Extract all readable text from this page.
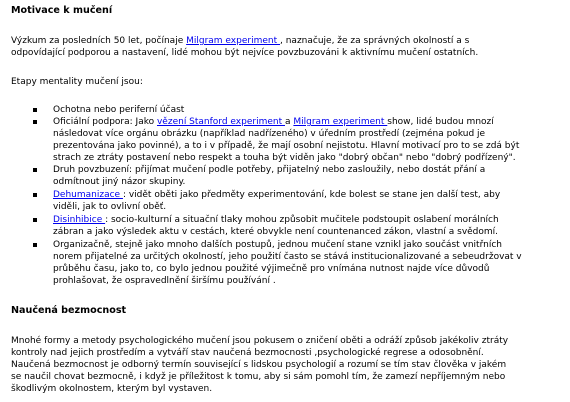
Motivace k mučení
Výzkum za posledních 50 let, počínaje Milgram experiment , naznačuje, že za správných okolností a s
odpovídající podporou a nastavení, lidé mohou být nejvíce povzbuzováni k aktivnímu mučení ostatních.
Etapy mentality mučení jsou:
Ochotna nebo periferní účast
Oficiální podpora: Jako vězení Stanford experiment a Milgram experiment show, lidé budou mnozí
následovat více orgánu obrázku (například nadřízeného) v úředním prostředí (zejména pokud je
prezentována jako povinné), a to i v případě, že mají osobní nejistotu. Hlavní motivací pro to se zdá být
strach ze ztráty postavení nebo respekt a touha být viděn jako "dobrý občan" nebo "dobrý podřízený".
Druh povzbuzení: přijímat mučení podle potřeby, přijatelný nebo zasloužily, nebo dostát přání a
odmítnout jiný názor skupiny.
Dehumanizace : vidět oběti jako předměty experimentování, kde bolest se stane jen další test, aby
viděli, jak to ovlivní oběť.
Disinhibice : socio-kulturní a situační tlaky mohou způsobit mučitele podstoupit oslabení morálních
zábran a jako výsledek aktu v cestách, které obvykle není countenanced zákon, vlastní a svědomí.
Organizačně, stejně jako mnoho dalších postupů, jednou mučení stane vznikl jako součást vnitřních
norem přijatelné za určitých okolností, jeho použití často se stává institucionalizované a sebeudržovat v
průběhu času, jako to, co bylo jednou použité výjimečně pro vnímána nutnost najde více důvodů
prohlašovat, že ospravedlnění širšímu používání .
Naučená bezmocnost
Mnohé formy a metody psychologického mučení jsou pokusem o zničení oběti a odráží způsob jakékoliv ztráty
kontroly nad jejich prostředím a vytváří stav naučená bezmocnosti ,psychologické regrese a odosobnění.
Naučená bezmocnost je odborný termín související s lidskou psychologií a rozumí se tím stav člověka v jakém
se naučil chovat bezmocně, i když je příležitost k tomu, aby si sám pomohl tím, že zamezí nepříjemným nebo
škodlivým okolnostem, kterým byl vystaven.
